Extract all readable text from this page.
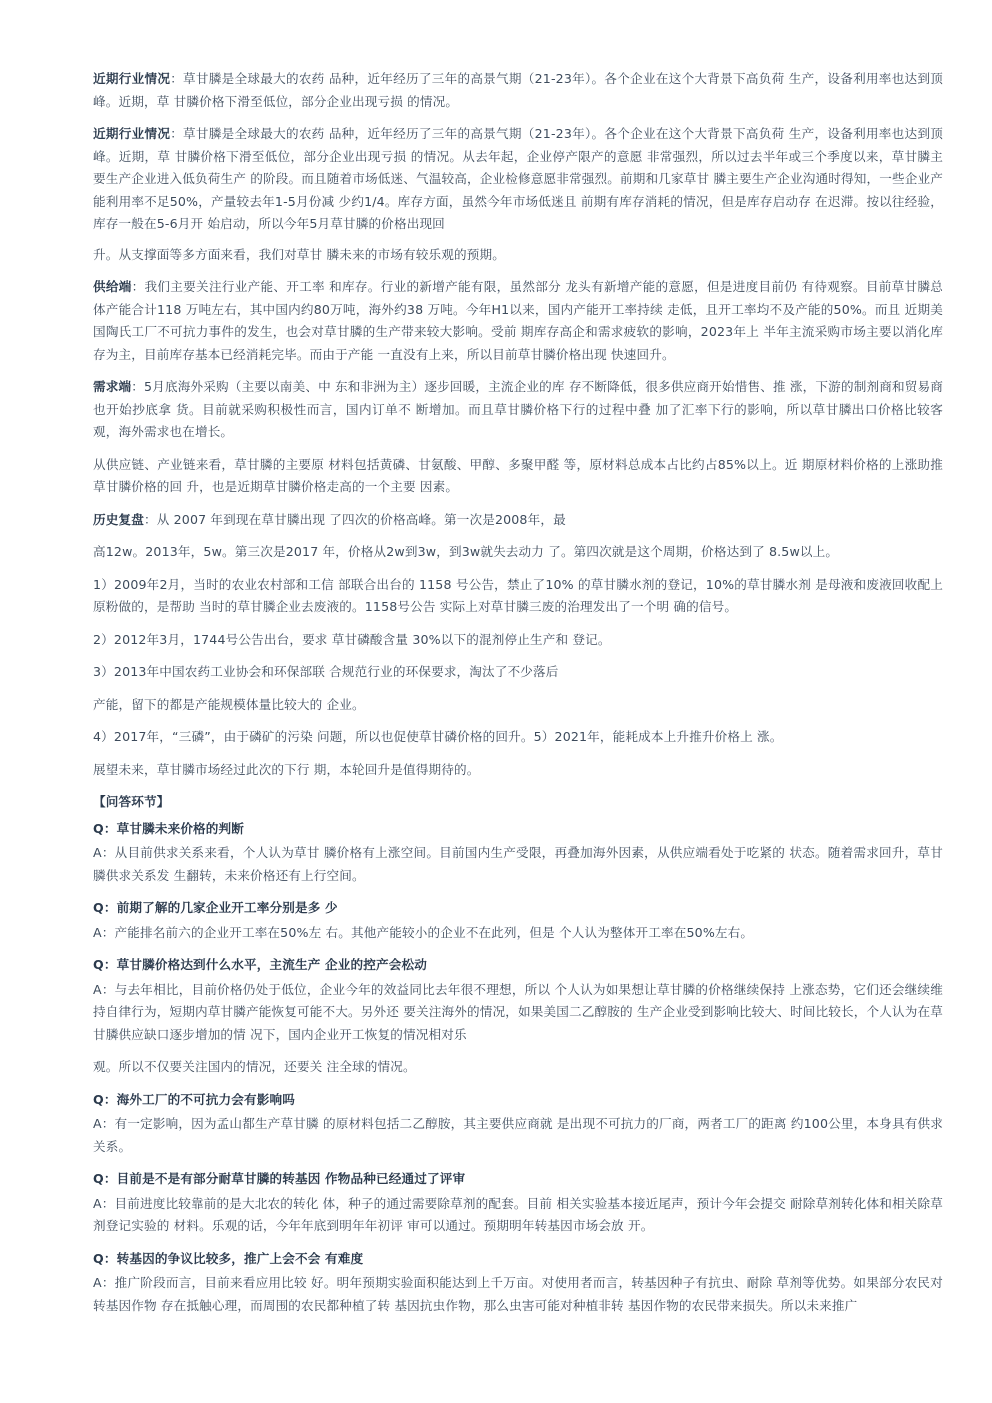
近期行业情况：草甘膦是全球最大的农药 品种，近年经历了三年的高景气期（21-23年）。各个企业在这个大背景下高负荷 生产，设备利用率也达到顶峰。近期，草 甘膦价格下滑至低位，部分企业出现亏损 的情况。

近期行业情况：草甘膦是全球最大的农药 品种，近年经历了三年的高景气期（21-23年）。各个企业在这个大背景下高负荷 生产，设备利用率也达到顶峰。近期，草 甘膦价格下滑至低位，部分企业出现亏损 的情况。从去年起，企业停产限产的意愿 非常强烈，所以过去半年或三个季度以来，草甘膦主要生产企业进入低负荷生产 的阶段。而且随着市场低迷、气温较高，企业检修意愿非常强烈。前期和几家草甘 膦主要生产企业沟通时得知，一些企业产 能利用率不足50%，产量较去年1-5月份减 少约1/4。库存方面，虽然今年市场低迷且 前期有库存消耗的情况，但是库存启动存 在迟滞。按以往经验，库存一般在5-6月开 始启动，所以今年5月草甘膦的价格出现回

升。从支撑面等多方面来看，我们对草甘 膦未来的市场有较乐观的预期。

供给端：我们主要关注行业产能、开工率 和库存。行业的新增产能有限，虽然部分 龙头有新增产能的意愿，但是进度目前仍 有待观察。目前草甘膦总体产能合计118 万吨左右，其中国内约80万吨，海外约38 万吨。今年H1以来，国内产能开工率持续 走低，且开工率均不及产能的50%。而且 近期美国陶氏工厂不可抗力事件的发生，也会对草甘膦的生产带来较大影响。受前 期库存高企和需求疲软的影响，2023年上 半年主流采购市场主要以消化库存为主，目前库存基本已经消耗完毕。而由于产能 一直没有上来，所以目前草甘膦价格出现 快速回升。

需求端：5月底海外采购（主要以南美、中 东和非洲为主）逐步回暖，主流企业的库 存不断降低，很多供应商开始惜售、推 涨，下游的制剂商和贸易商也开始抄底拿 货。目前就采购积极性而言，国内订单不 断增加。而且草甘膦价格下行的过程中叠 加了汇率下行的影响，所以草甘膦出口价格比较客观，海外需求也在增长。

从供应链、产业链来看，草甘膦的主要原 材料包括黄磷、甘氨酸、甲醇、多聚甲醛 等，原材料总成本占比约占85%以上。近 期原材料价格的上涨助推草甘膦价格的回 升，也是近期草甘膦价格走高的一个主要 因素。

历史复盘：从 2007 年到现在草甘膦出现 了四次的价格高峰。第一次是2008年，最

高12w。2013年，5w。第三次是2017 年，价格从2w到3w，到3w就失去动力 了。第四次就是这个周期，价格达到了 8.5w以上。

1）2009年2月，当时的农业农村部和工信 部联合出台的 1158 号公告，禁止了10% 的草甘膦水剂的登记，10%的草甘膦水剂 是母液和废液回收配上原粉做的，是帮助 当时的草甘膦企业去废液的。1158号公告 实际上对草甘膦三废的治理发出了一个明 确的信号。

2）2012年3月，1744号公告出台，要求 草甘磷酸含量 30%以下的混剂停止生产和 登记。

3）2013年中国农药工业协会和环保部联 合规范行业的环保要求，淘汰了不少落后

产能，留下的都是产能规模体量比较大的 企业。

4）2017年，“三磷”，由于磷矿的污染 问题，所以也促使草甘磷价格的回升。5）2021年，能耗成本上升推升价格上 涨。

展望未来，草甘膦市场经过此次的下行 期，本轮回升是值得期待的。

【问答环节】

Q：草甘膦未来价格的判断

A：从目前供求关系来看，个人认为草甘 膦价格有上涨空间。目前国内生产受限，再叠加海外因素，从供应端看处于吃紧的 状态。随着需求回升，草甘膦供求关系发 生翻转，未来价格还有上行空间。

Q：前期了解的几家企业开工率分别是多 少

A：产能排名前六的企业开工率在50%左 右。其他产能较小的企业不在此列，但是 个人认为整体开工率在50%左右。

Q：草甘膦价格达到什么水平，主流生产 企业的控产会松动

A：与去年相比，目前价格仍处于低位，企业今年的效益同比去年很不理想，所以 个人认为如果想让草甘膦的价格继续保持 上涨态势，它们还会继续维持自律行为，短期内草甘膦产能恢复可能不大。另外还 要关注海外的情况，如果美国二乙醇胺的 生产企业受到影响比较大、时间比较长，个人认为在草甘膦供应缺口逐步增加的情 况下，国内企业开工恢复的情况相对乐

观。所以不仅要关注国内的情况，还要关 注全球的情况。

Q：海外工厂的不可抗力会有影响吗

A：有一定影响，因为孟山都生产草甘膦 的原材料包括二乙醇胺，其主要供应商就 是出现不可抗力的厂商，两者工厂的距离 约100公里，本身具有供求关系。

Q：目前是不是有部分耐草甘膦的转基因 作物品种已经通过了评审

A：目前进度比较靠前的是大北农的转化 体，种子的通过需要除草剂的配套。目前 相关实验基本接近尾声，预计今年会提交 耐除草剂转化体和相关除草剂登记实验的 材料。乐观的话，今年年底到明年年初评 审可以通过。预期明年转基因市场会放 开。

Q：转基因的争议比较多，推广上会不会 有难度

A：推广阶段而言，目前来看应用比较 好。明年预期实验面积能达到上千万亩。对使用者而言，转基因种子有抗虫、耐除 草剂等优势。如果部分农民对转基因作物 存在抵触心理，而周围的农民都种植了转 基因抗虫作物，那么虫害可能对种植非转 基因作物的农民带来损失。所以未来推广
